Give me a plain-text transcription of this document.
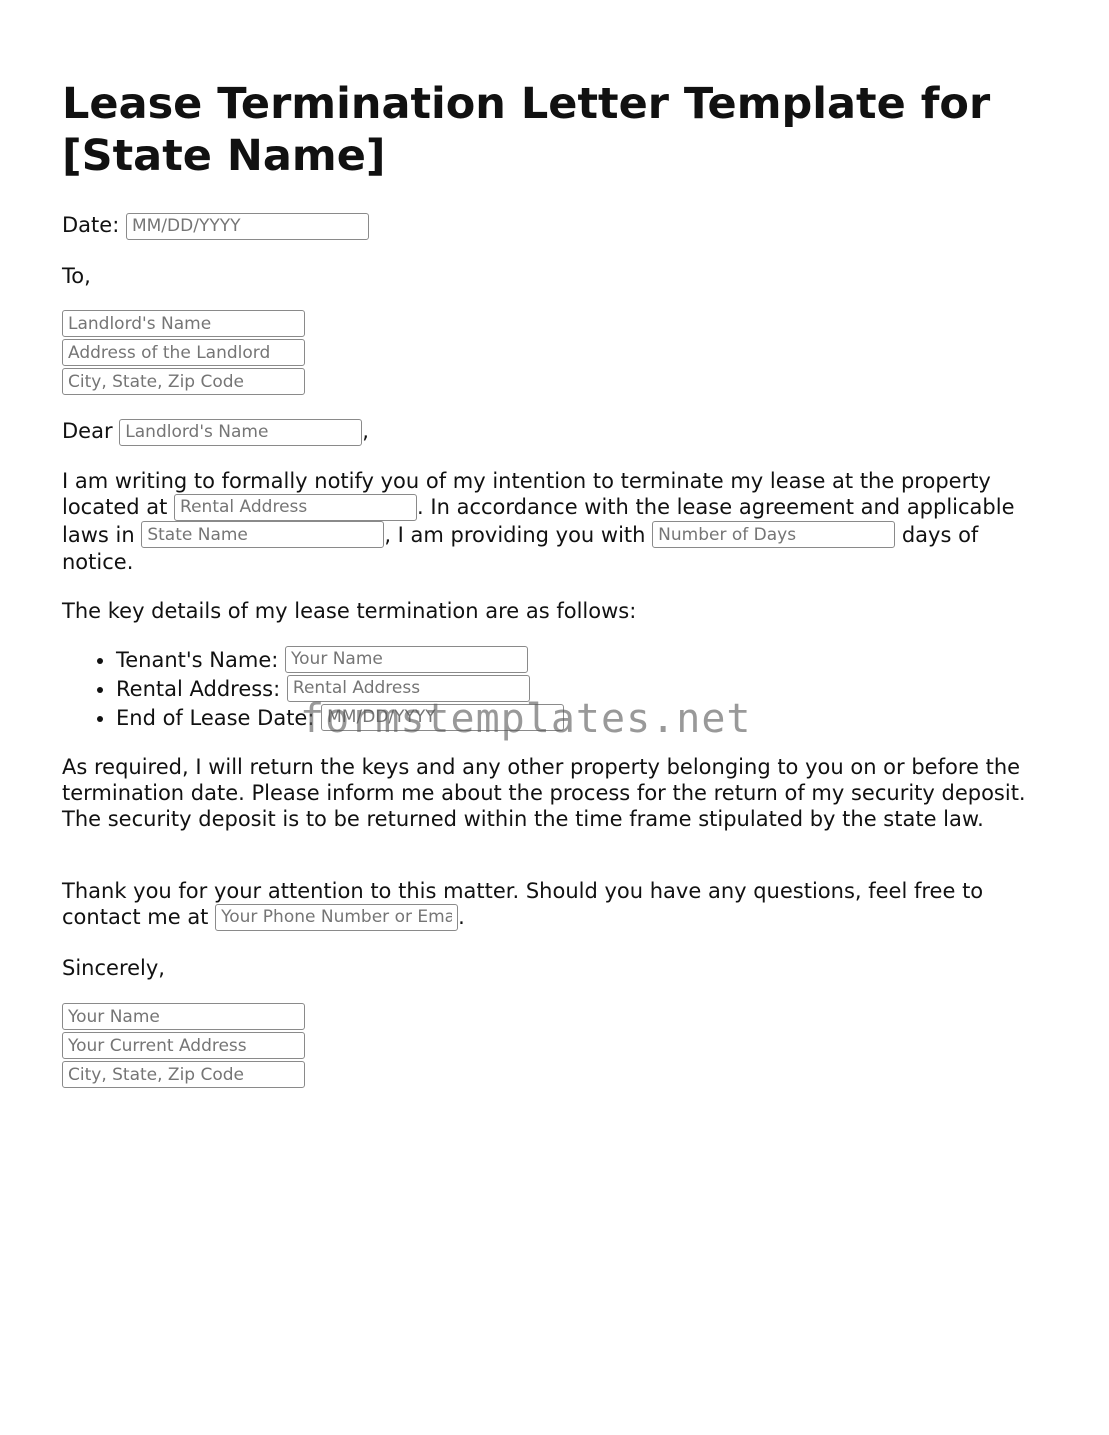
Lease Termination Letter Template for [State Name]
Date: MM/DD/YYYY
To,
Landlord's Name
Address of the Landlord
City, State, Zip Code
Dear Landlord's Name	,
I am writing to formally notify you of my intention to terminate my lease at the property located at Rental Address	. In accordance with the lease agreement and applicable laws in State Name	, I am providing you with Number of Days	days of notice.
The key details of my lease termination are as follows:
• Tenant's Name: Your Name
• Rental Address: Rental Address
• End of Lease Date: MM/DD/YYYY
As required, I will return the keys and any other property belonging to you on or before the termination date. Please inform me about the process for the return of my security deposit. The security deposit is to be returned within the time frame stipulated by the state law.
Thank you for your attention to this matter. Should you have any questions, feel free to contact me at Your Phone Number or Email	.
Sincerely,
Your Name
Your Current Address
City, State, Zip Code
formstemplates.net
